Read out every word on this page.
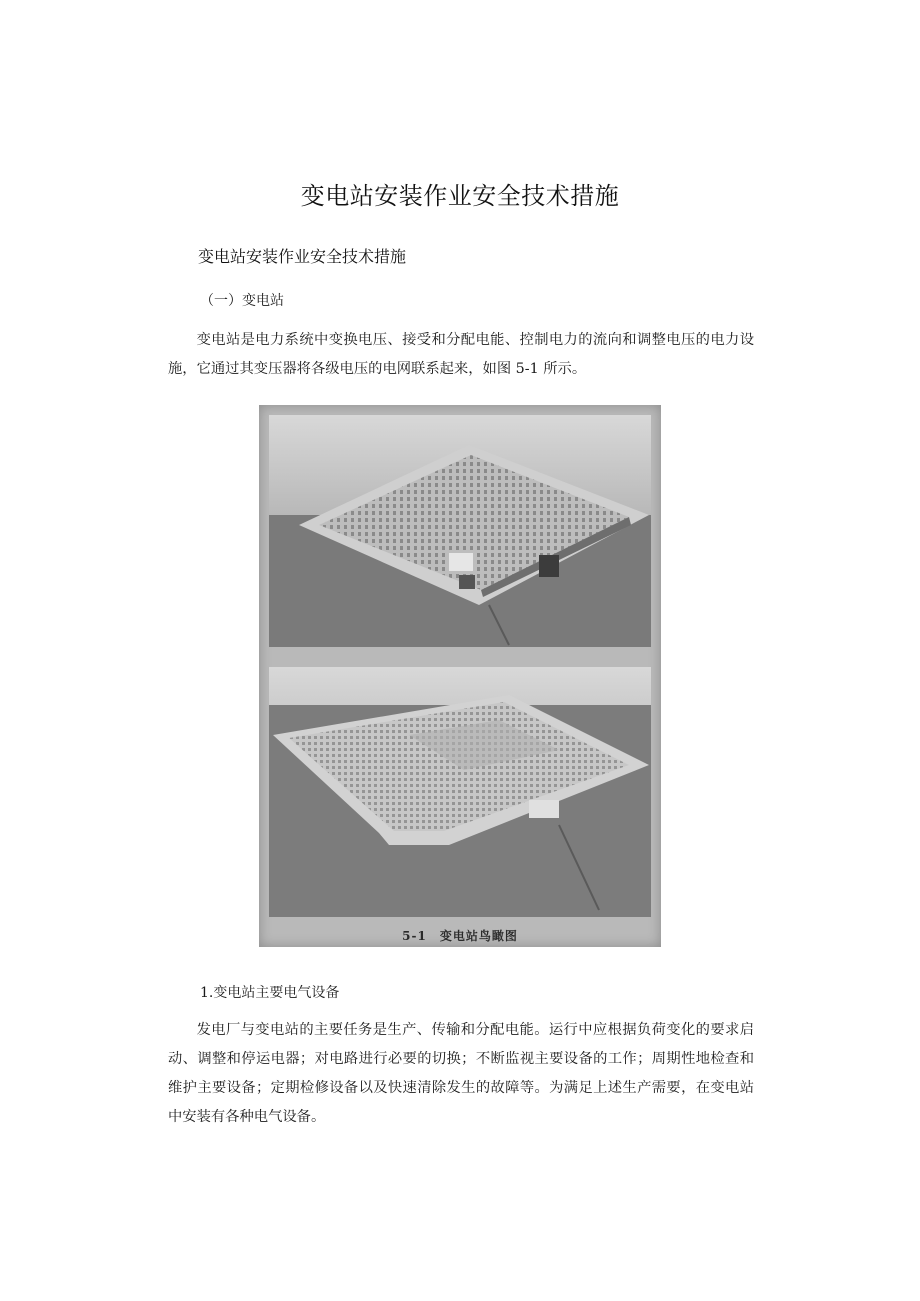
变电站安装作业安全技术措施
变电站安装作业安全技术措施
（一）变电站

变电站是电力系统中变换电压、接受和分配电能、控制电力的流向和调整电压的电力设施，它通过其变压器将各级电压的电网联系起来，如图 5-1 所示。

5-1　变电站鸟瞰图
1.变电站主要电气设备

发电厂与变电站的主要任务是生产、传输和分配电能。运行中应根据负荷变化的要求启动、调整和停运电器；对电路进行必要的切换；不断监视主要设备的工作；周期性地检查和维护主要设备；定期检修设备以及快速清除发生的故障等。为满足上述生产需要，在变电站中安装有各种电气设备。
